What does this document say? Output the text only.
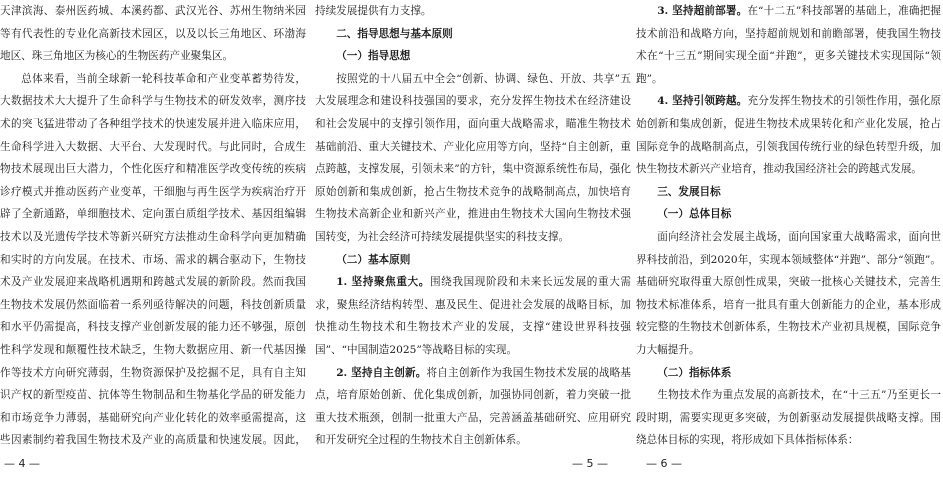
天津滨海、泰州医药城、本溪药都、武汉光谷、苏州生物纳米园等有代表性的专业化高新技术园区，以及以长三角地区、环渤海地区、珠三角地区为核心的生物医药产业聚集区。

总体来看，当前全球新一轮科技革命和产业变革蓄势待发，大数据技术大大提升了生命科学与生物技术的研发效率，测序技术的突飞猛进带动了各种组学技术的快速发展并进入临床应用，生命科学进入大数据、大平台、大发现时代。与此同时，合成生物技术展现出巨大潜力，个性化医疗和精准医学改变传统的疾病诊疗模式并推动医药产业变革，干细胞与再生医学为疾病治疗开辟了全新通路，单细胞技术、定向蛋白质组学技术、基因组编辑技术以及光遗传学技术等新兴研究方法推动生命科学向更加精确和实时的方向发展。在技术、市场、需求的耦合驱动下，生物技术及产业发展迎来战略机遇期和跨越式发展的新阶段。然而我国生物技术发展仍然面临着一系列亟待解决的问题，科技创新质量和水平仍需提高，科技支撑产业创新发展的能力还不够强，原创性科学发现和颠覆性技术缺乏，生物大数据应用、新一代基因操作等技术方向研究薄弱，生物资源保护及挖掘不足，具有自主知识产权的新型疫苗、抗体等生物制品和生物基化学品的研发能力和市场竞争力薄弱，基础研究向产业化转化的效率亟需提高，这些因素制约着我国生物技术及产业的高质量和快速发展。因此，

— 4 —

持续发展提供有力支撑。

二、指导思想与基本原则
（一）指导思想

按照党的十八届五中全会“创新、协调、绿色、开放、共享”五大发展理念和建设科技强国的要求，充分发挥生物技术在经济建设和社会发展中的支撑引领作用，面向重大战略需求，瞄准生物技术基础前沿、重大关键技术、产业化应用等方向，坚持“自主创新，重点跨越，支撑发展，引领未来”的方针，集中资源系统性布局，强化原始创新和集成创新，抢占生物技术竞争的战略制高点，加快培育生物技术高新企业和新兴产业，推进由生物技术大国向生物技术强国转变，为社会经济可持续发展提供坚实的科技支撑。

（二）基本原则

1. 坚持聚焦重大。围绕我国现阶段和未来长远发展的重大需求，聚焦经济结构转型、惠及民生、促进社会发展的战略目标，加快推动生物技术和生物技术产业的发展，支撑“建设世界科技强国”、“中国制造2025”等战略目标的实现。

2. 坚持自主创新。将自主创新作为我国生物技术发展的战略基点，培育原始创新、优化集成创新，加强协同创新，着力突破一批重大技术瓶颈，创制一批重大产品，完善涵盖基础研究、应用研究和开发研究全过程的生物技术自主创新体系。

— 5 —

3. 坚持超前部署。在“十二五”科技部署的基础上，准确把握技术前沿和战略方向，坚持超前规划和前瞻部署，使我国生物技术在“十三五”期间实现全面“并跑”，更多关键技术实现国际“领跑”。

4. 坚持引领跨越。充分发挥生物技术的引领性作用，强化原始创新和集成创新，促进生物技术成果转化和产业化发展，抢占国际竞争的战略制高点，引领我国传统行业的绿色转型升级，加快生物技术新兴产业培育，推动我国经济社会的跨越式发展。

三、发展目标
（一）总体目标

面向经济社会发展主战场，面向国家重大战略需求，面向世界科技前沿，到2020年，实现本领域整体“并跑”、部分“领跑”。基础研究取得重大原创性成果，突破一批核心关键技术，完善生物技术标准体系，培育一批具有重大创新能力的企业，基本形成较完整的生物技术创新体系，生物技术产业初具规模，国际竞争力大幅提升。

（二）指标体系

生物技术作为重点发展的高新技术，在“十三五”乃至更长一段时期，需要实现更多突破，为创新驱动发展提供战略支撑。围绕总体目标的实现，将形成如下具体指标体系：

— 6 —
